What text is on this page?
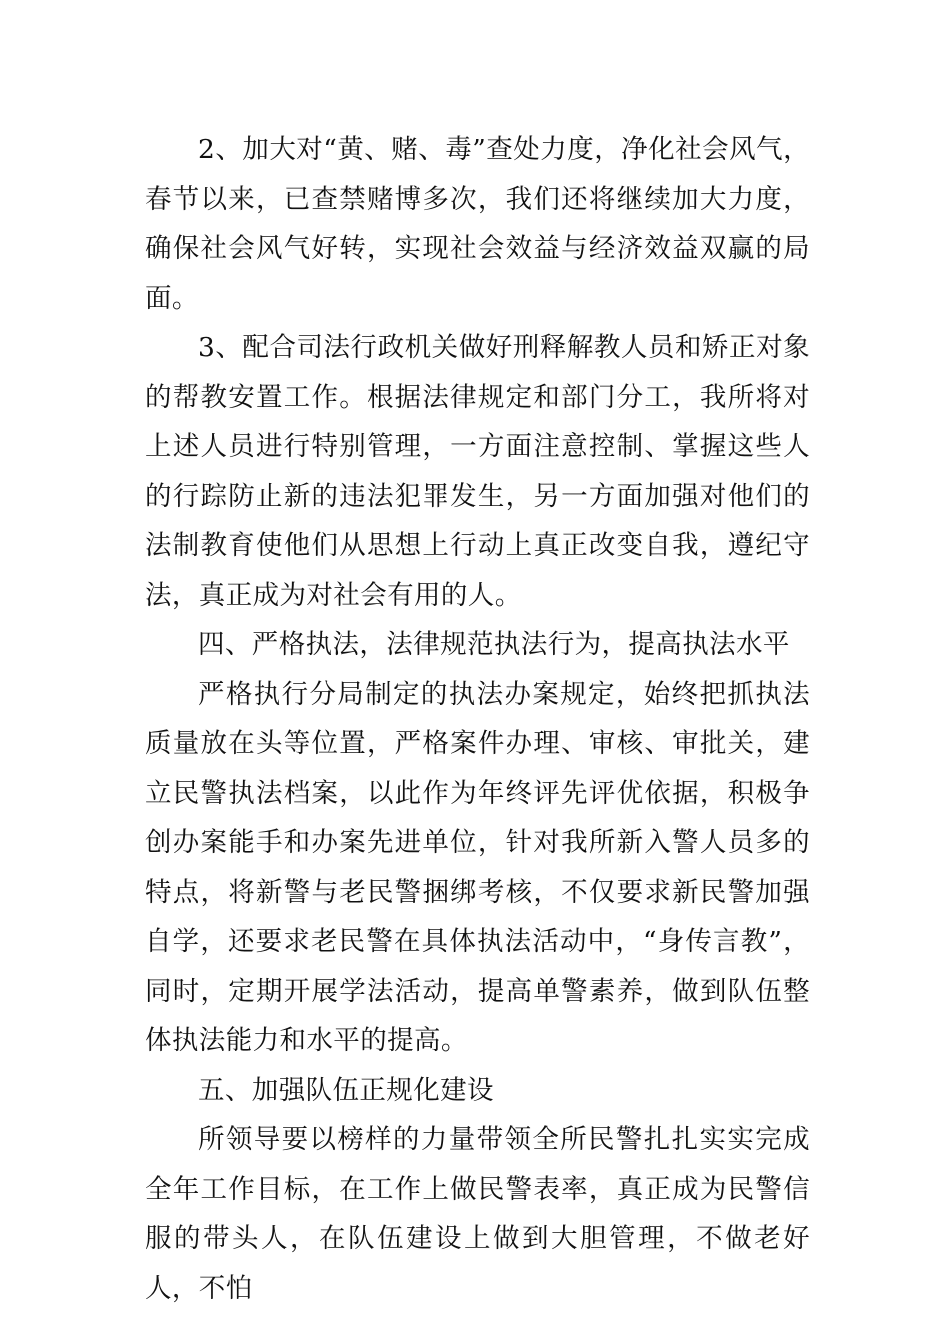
2、加大对“黄、赌、毒”查处力度，净化社会风气，春节以来，已查禁赌博多次，我们还将继续加大力度，确保社会风气好转，实现社会效益与经济效益双赢的局面。

3、配合司法行政机关做好刑释解教人员和矫正对象的帮教安置工作。根据法律规定和部门分工，我所将对上述人员进行特别管理，一方面注意控制、掌握这些人的行踪防止新的违法犯罪发生，另一方面加强对他们的法制教育使他们从思想上行动上真正改变自我，遵纪守法，真正成为对社会有用的人。

四、严格执法，法律规范执法行为，提高执法水平

严格执行分局制定的执法办案规定，始终把抓执法质量放在头等位置，严格案件办理、审核、审批关，建立民警执法档案，以此作为年终评先评优依据，积极争创办案能手和办案先进单位，针对我所新入警人员多的特点，将新警与老民警捆绑考核，不仅要求新民警加强自学，还要求老民警在具体执法活动中，“身传言教”，同时，定期开展学法活动，提高单警素养，做到队伍整体执法能力和水平的提高。

五、加强队伍正规化建设

所领导要以榜样的力量带领全所民警扎扎实实完成全年工作目标，在工作上做民警表率，真正成为民警信服的带头人，在队伍建设上做到大胆管理，不做老好人，不怕
